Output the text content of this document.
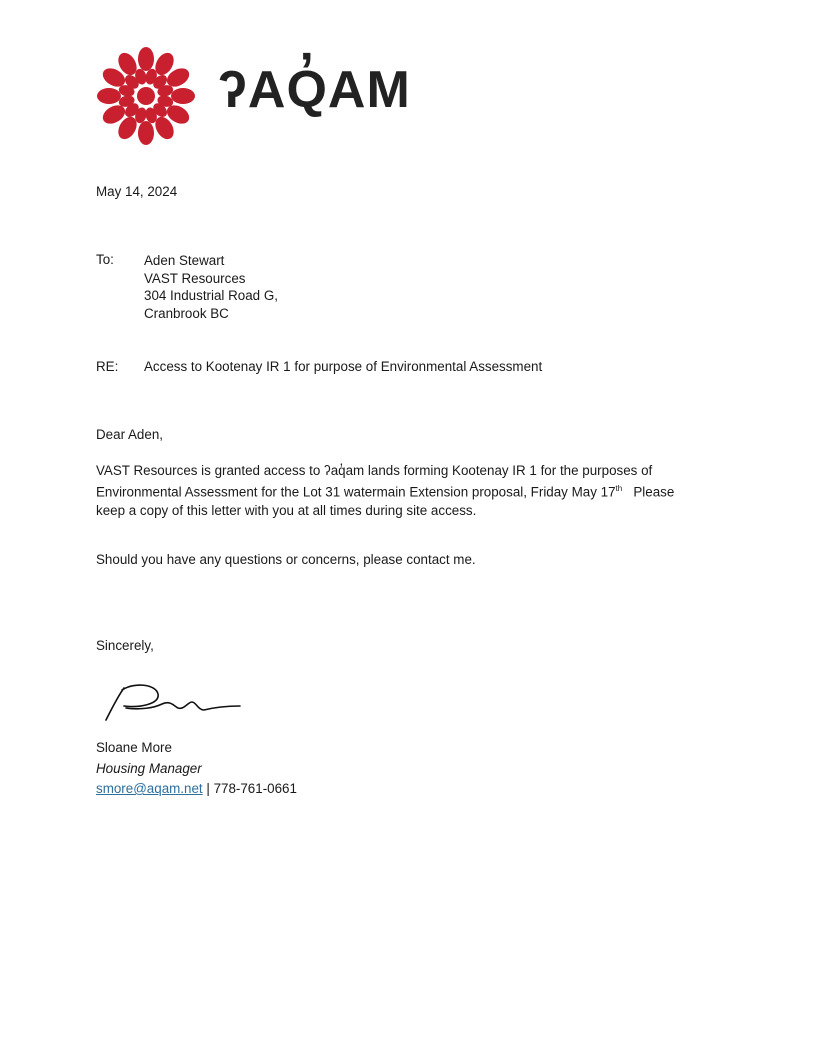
ʔAQ̓AM
May 14, 2024
To: Aden Stewart
VAST Resources
304 Industrial Road G,
Cranbrook BC
RE: Access to Kootenay IR 1 for purpose of Environmental Assessment
Dear Aden,
VAST Resources is granted access to ʔaq̓am lands forming Kootenay IR 1 for the purposes of
Environmental Assessment for the Lot 31 watermain Extension proposal, Friday May 17th   Please
keep a copy of this letter with you at all times during site access.
Should you have any questions or concerns, please contact me.
Sincerely,
Sloane More
Housing Manager
smore@aqam.net | 778-761-0661
